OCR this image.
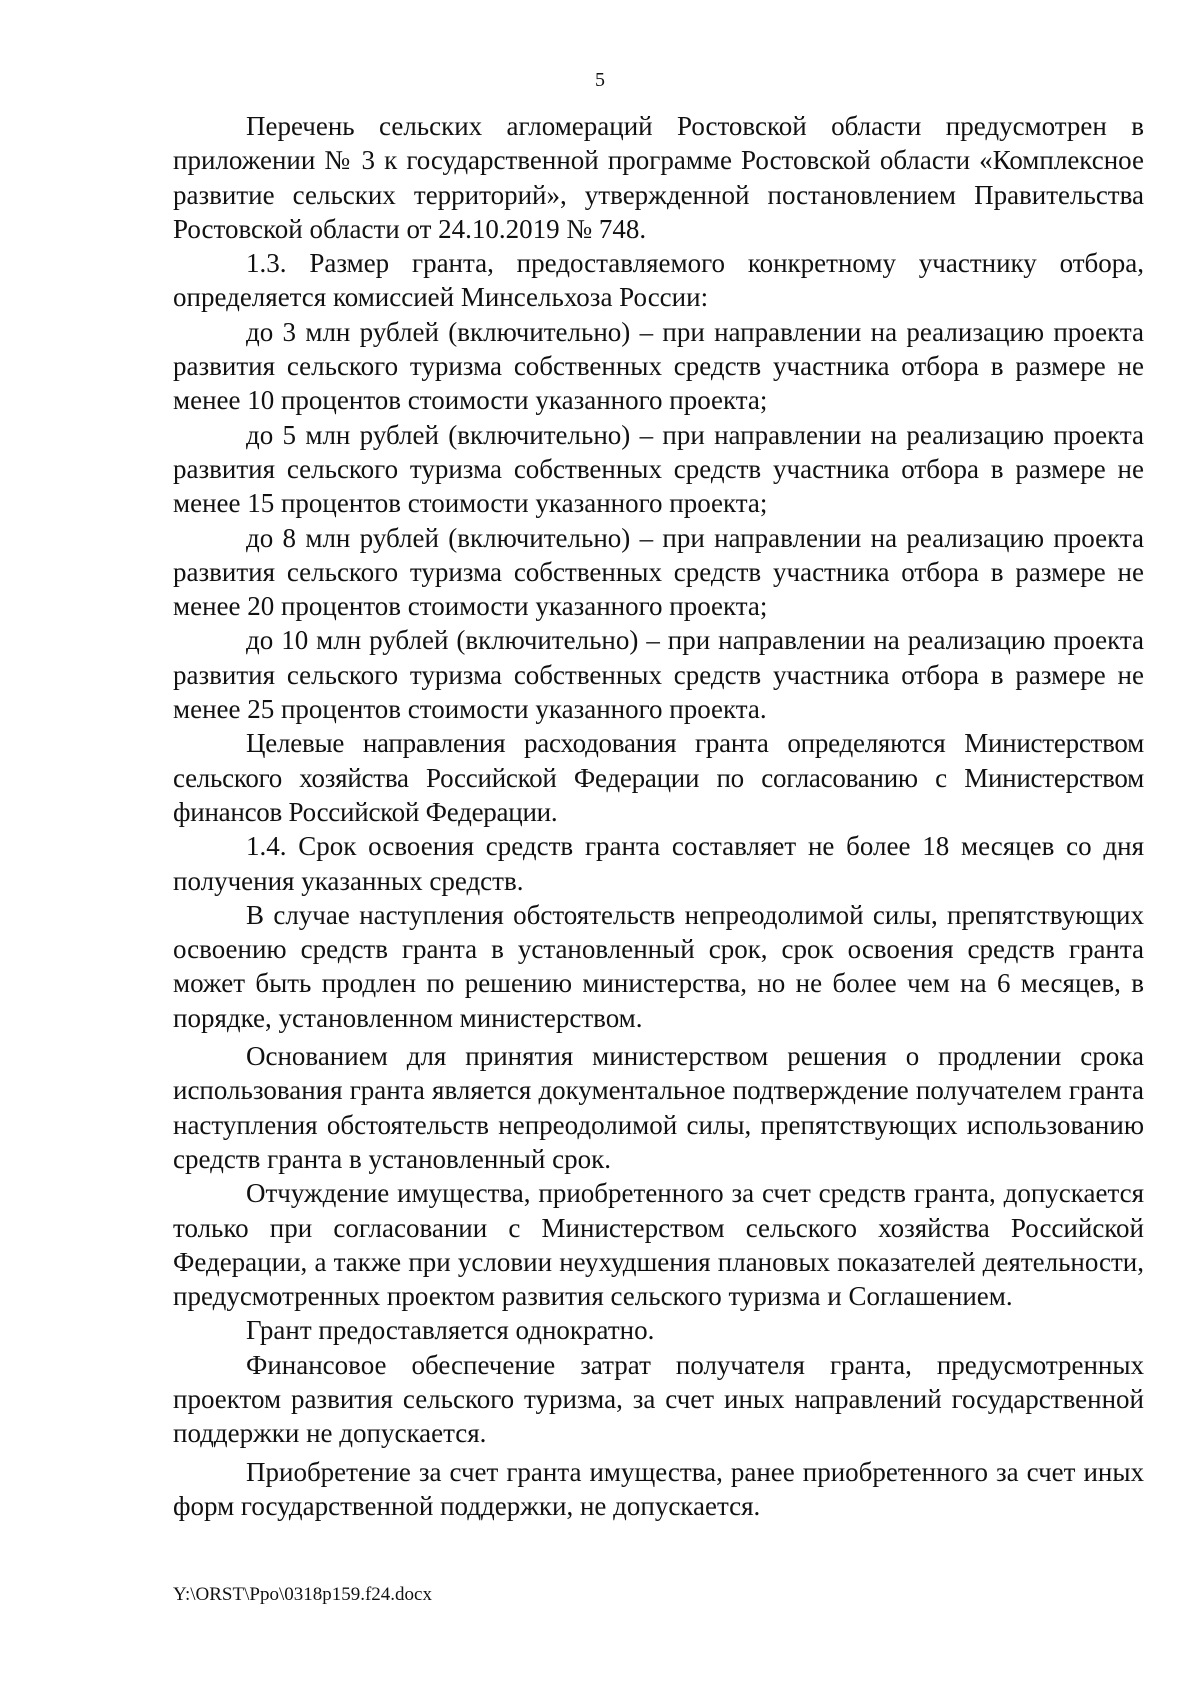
5

Перечень сельских агломераций Ростовской области предусмотрен в приложении № 3 к государственной программе Ростовской области «Комплексное развитие сельских территорий», утвержденной постановлением Правительства Ростовской области от 24.10.2019 № 748.

1.3. Размер гранта, предоставляемого конкретному участнику отбора, определяется комиссией Минсельхоза России:

до 3 млн рублей (включительно) – при направлении на реализацию проекта развития сельского туризма собственных средств участника отбора в размере не менее 10 процентов стоимости указанного проекта;

до 5 млн рублей (включительно) – при направлении на реализацию проекта развития сельского туризма собственных средств участника отбора в размере не менее 15 процентов стоимости указанного проекта;

до 8 млн рублей (включительно) – при направлении на реализацию проекта развития сельского туризма собственных средств участника отбора в размере не менее 20 процентов стоимости указанного проекта;

до 10 млн рублей (включительно) – при направлении на реализацию проекта развития сельского туризма собственных средств участника отбора в размере не менее 25 процентов стоимости указанного проекта.

Целевые направления расходования гранта определяются Министерством сельского хозяйства Российской Федерации по согласованию с Министерством финансов Российской Федерации.

1.4. Срок освоения средств гранта составляет не более 18 месяцев со дня получения указанных средств.

В случае наступления обстоятельств непреодолимой силы, препятствующих освоению средств гранта в установленный срок, срок освоения средств гранта может быть продлен по решению министерства, но не более чем на 6 месяцев, в порядке, установленном министерством.

Основанием для принятия министерством решения о продлении срока использования гранта является документальное подтверждение получателем гранта наступления обстоятельств непреодолимой силы, препятствующих использованию средств гранта в установленный срок.

Отчуждение имущества, приобретенного за счет средств гранта, допускается только при согласовании с Министерством сельского хозяйства Российской Федерации, а также при условии неухудшения плановых показателей деятельности, предусмотренных проектом развития сельского туризма и Соглашением.

Грант предоставляется однократно.

Финансовое обеспечение затрат получателя гранта, предусмотренных проектом развития сельского туризма, за счет иных направлений государственной поддержки не допускается.

Приобретение за счет гранта имущества, ранее приобретенного за счет иных форм государственной поддержки, не допускается.

Y:\ORST\Ppo\0318p159.f24.docx
